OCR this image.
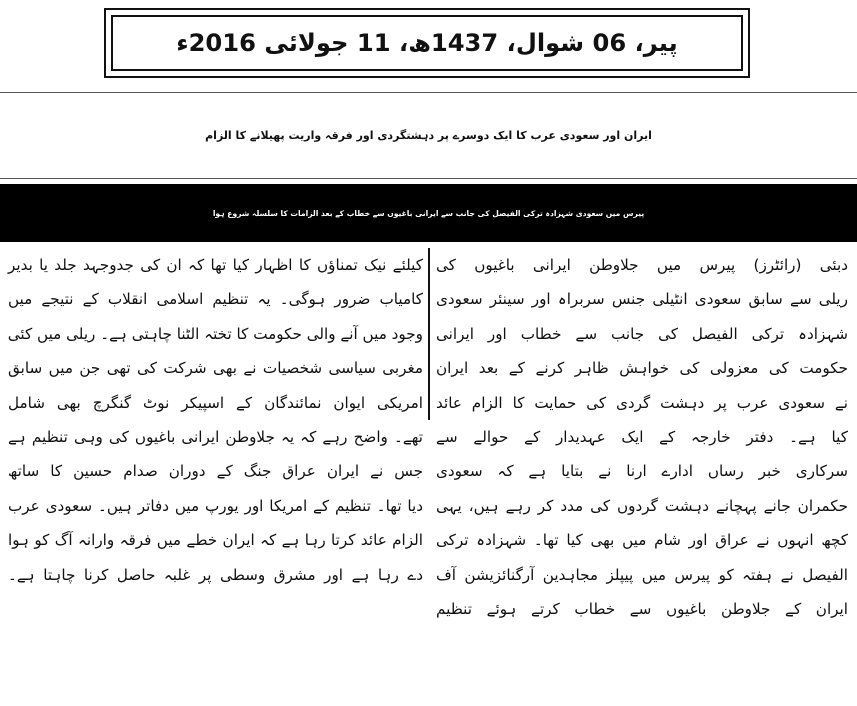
پیر، 06 شوال، 1437ھ، 11 جولائی 2016ء
ایران اور سعودی عرب کا ایک دوسرے پر دہشتگردی اور فرقہ واریت پھیلانے کا الزام
پیرس میں سعودی شہزادہ ترکی الفیصل کی جانب سے ایرانی باغیوں سے خطاب کے بعد الزامات کا سلسلہ شروع ہوا
دبئی (رائٹرز) پیرس میں جلاوطن ایرانی باغیوں کی
ریلی سے سابق سعودی انٹیلی جنس سربراہ اور سینئر سعودی
شہزادہ ترکی الفیصل کی جانب سے خطاب اور ایرانی
حکومت کی معزولی کی خواہش ظاہر کرنے کے بعد ایران
نے سعودی عرب پر دہشت گردی کی حمایت کا الزام عائد
کیا ہے۔ دفتر خارجہ کے ایک عہدیدار کے حوالے سے
سرکاری خبر رساں ادارے ارنا نے بتایا ہے کہ سعودی
حکمران جانے پہچانے دہشت گردوں کی مدد کر رہے ہیں، یہی
کچھ انہوں نے عراق اور شام میں بھی کیا تھا۔ شہزادہ ترکی
الفیصل نے ہفتہ کو پیرس میں پیپلز مجاہدین آرگنائزیشن آف
ایران کے جلاوطن باغیوں سے خطاب کرتے ہوئے تنظیم
کیلئے نیک تمناؤں کا اظہار کیا تھا کہ ان کی جدوجہد جلد یا بدیر
کامیاب ضرور ہوگی۔ یہ تنظیم اسلامی انقلاب کے نتیجے میں
وجود میں آنے والی حکومت کا تختہ الٹنا چاہتی ہے۔ ریلی میں کئی
مغربی سیاسی شخصیات نے بھی شرکت کی تھی جن میں سابق
امریکی ایوان نمائندگان کے اسپیکر نوٹ گنگرچ بھی شامل
تھے۔ واضح رہے کہ یہ جلاوطن ایرانی باغیوں کی وہی تنظیم ہے
جس نے ایران عراق جنگ کے دوران صدام حسین کا ساتھ
دیا تھا۔ تنظیم کے امریکا اور یورپ میں دفاتر ہیں۔ سعودی عرب
الزام عائد کرتا رہا ہے کہ ایران خطے میں فرقہ وارانہ آگ کو ہوا
دے رہا ہے اور مشرق وسطی پر غلبہ حاصل کرنا چاہتا ہے۔
